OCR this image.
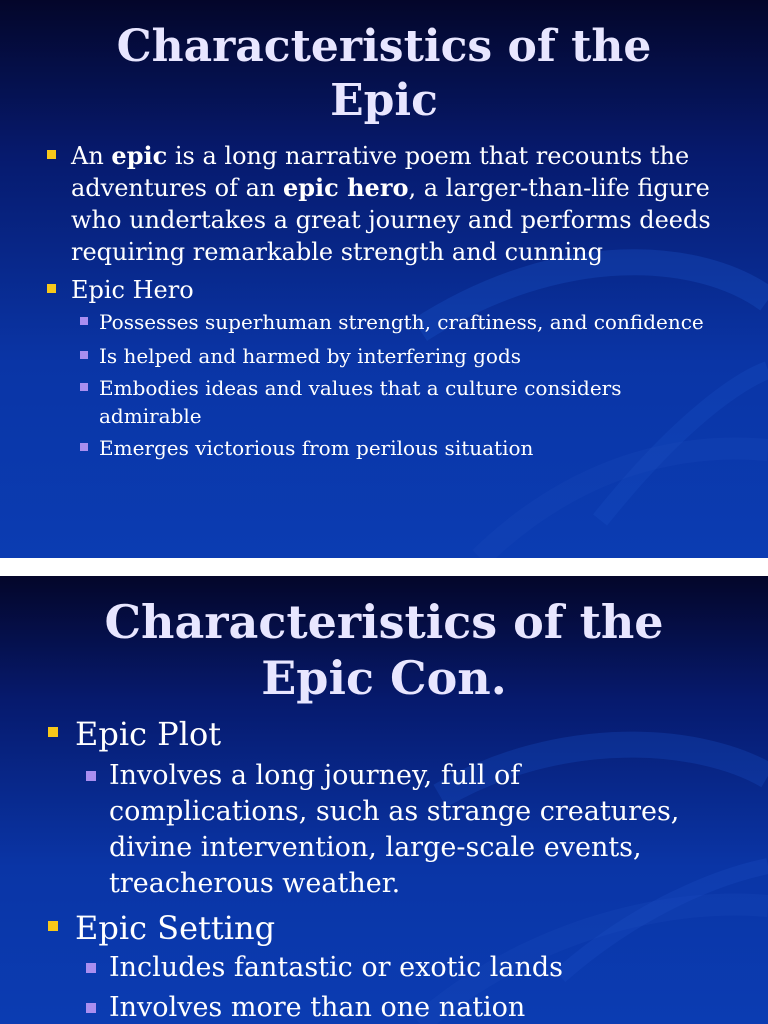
Characteristics of the
Epic
An epic is a long narrative poem that recounts the adventures of an epic hero, a larger-than-life figure who undertakes a great journey and performs deeds requiring remarkable strength and cunning
Epic Hero
Possesses superhuman strength, craftiness, and confidence
Is helped and harmed by interfering gods
Embodies ideas and values that a culture considers admirable
Emerges victorious from perilous situation
Characteristics of the
Epic Con.
Epic Plot
Involves a long journey, full of complications, such as strange creatures, divine intervention, large-scale events, treacherous weather.
Epic Setting
Includes fantastic or exotic lands
Involves more than one nation
